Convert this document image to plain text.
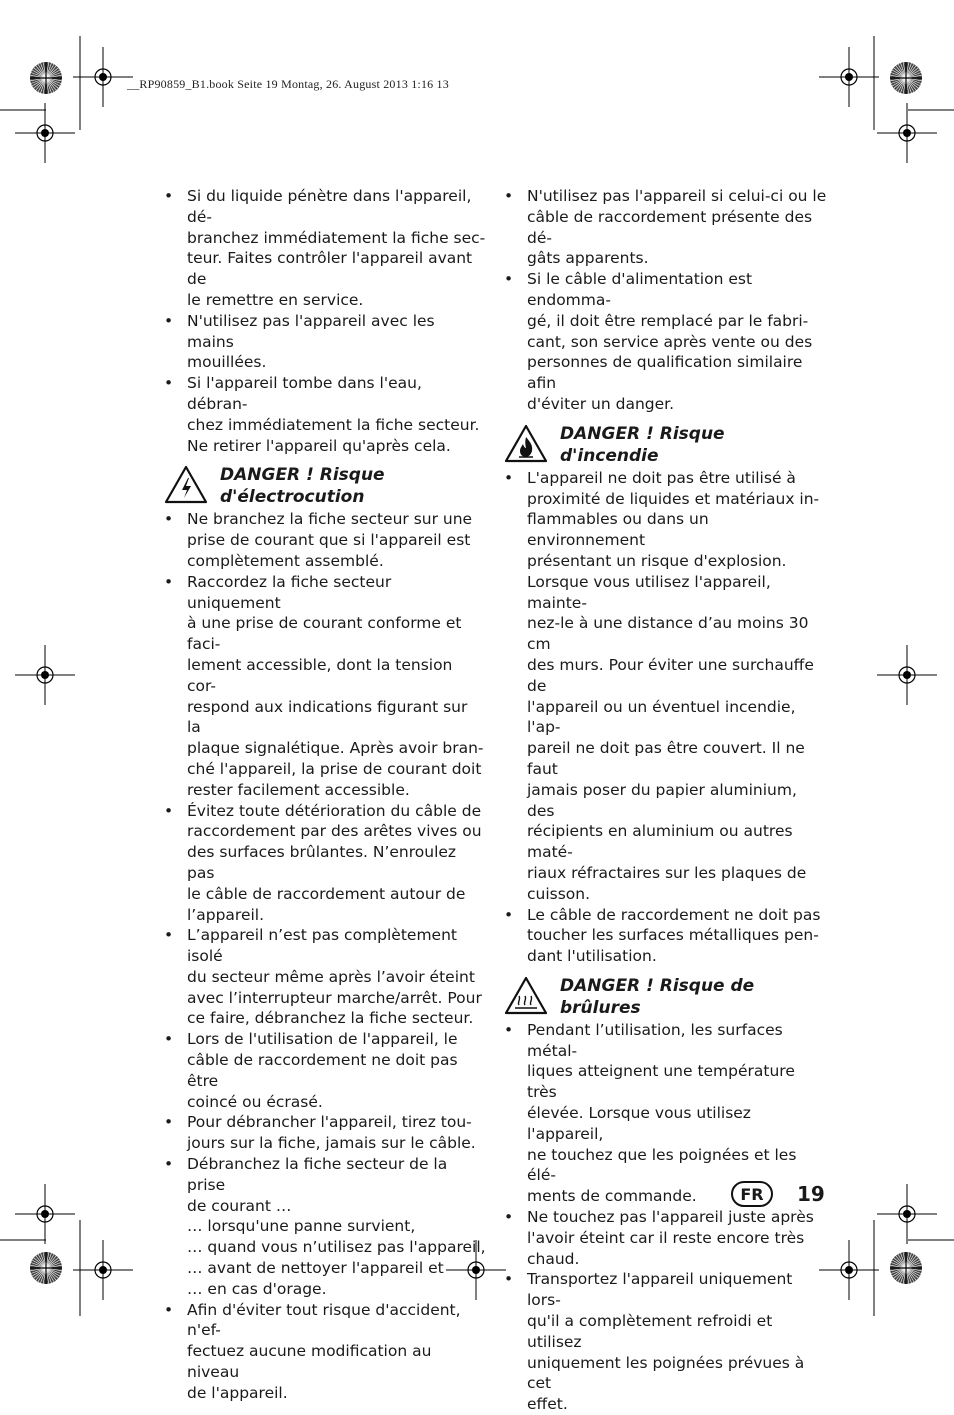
__RP90859_B1.book Seite 19 Montag, 26. August 2013 1:16 13
• Si du liquide pénètre dans l'appareil, dé-
branchez immédiatement la fiche sec-
teur. Faites contrôler l'appareil avant de
le remettre en service.
• N'utilisez pas l'appareil avec les mains
mouillées.
• Si l'appareil tombe dans l'eau, débran-
chez immédiatement la fiche secteur.
Ne retirer l'appareil qu'après cela.
DANGER ! Risque
d'électrocution
• Ne branchez la fiche secteur sur une
prise de courant que si l'appareil est
complètement assemblé.
• Raccordez la fiche secteur uniquement
à une prise de courant conforme et faci-
lement accessible, dont la tension cor-
respond aux indications figurant sur la
plaque signalétique. Après avoir bran-
ché l'appareil, la prise de courant doit
rester facilement accessible.
• Évitez toute détérioration du câble de
raccordement par des arêtes vives ou
des surfaces brûlantes. N’enroulez pas
le câble de raccordement autour de
l’appareil.
• L’appareil n’est pas complètement isolé
du secteur même après l’avoir éteint
avec l’interrupteur marche/arrêt. Pour
ce faire, débranchez la fiche secteur.
• Lors de l'utilisation de l'appareil, le
câble de raccordement ne doit pas être
coincé ou écrasé.
• Pour débrancher l'appareil, tirez tou-
jours sur la fiche, jamais sur le câble.
• Débranchez la fiche secteur de la prise
de courant …
… lorsqu'une panne survient,
… quand vous n’utilisez pas l'appareil,
… avant de nettoyer l'appareil et
… en cas d'orage.
• Afin d'éviter tout risque d'accident, n'ef-
fectuez aucune modification au niveau
de l'appareil.
• N'utilisez pas l'appareil si celui-ci ou le
câble de raccordement présente des dé-
gâts apparents.
• Si le câble d'alimentation est endomma-
gé, il doit être remplacé par le fabri-
cant, son service après vente ou des
personnes de qualification similaire afin
d'éviter un danger.
DANGER ! Risque
d'incendie
• L'appareil ne doit pas être utilisé à
proximité de liquides et matériaux in-
flammables ou dans un environnement
présentant un risque d'explosion.
Lorsque vous utilisez l'appareil, mainte-
nez-le à une distance d’au moins 30 cm
des murs. Pour éviter une surchauffe de
l'appareil ou un éventuel incendie, l'ap-
pareil ne doit pas être couvert. Il ne faut
jamais poser du papier aluminium, des
récipients en aluminium ou autres maté-
riaux réfractaires sur les plaques de
cuisson.
• Le câble de raccordement ne doit pas
toucher les surfaces métalliques pen-
dant l'utilisation.
DANGER ! Risque de
brûlures
• Pendant l’utilisation, les surfaces métal-
liques atteignent une température très
élevée. Lorsque vous utilisez l'appareil,
ne touchez que les poignées et les élé-
ments de commande.
• Ne touchez pas l'appareil juste après
l'avoir éteint car il reste encore très
chaud.
• Transportez l'appareil uniquement lors-
qu'il a complètement refroidi et utilisez
uniquement les poignées prévues à cet
effet.
FR	19
